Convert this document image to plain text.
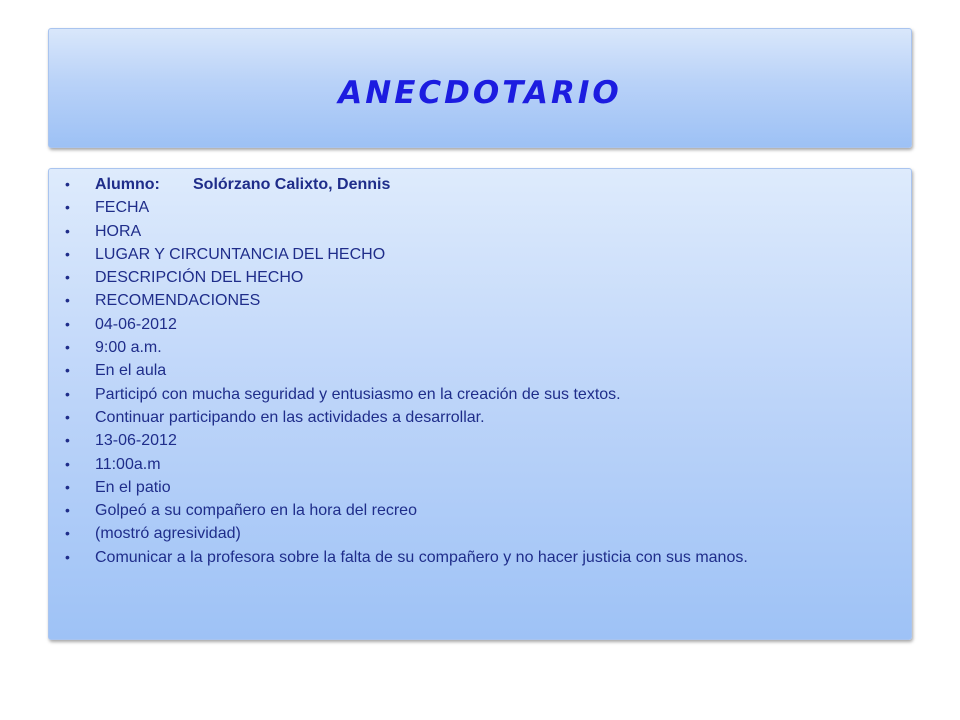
anecdotario
• Alumno: Solórzano Calixto, Dennis
• FECHA
• HORA
• LUGAR Y CIRCUNTANCIA DEL HECHO
• DESCRIPCIÓN DEL HECHO
• RECOMENDACIONES
• 04-06-2012
• 9:00 a.m.
• En el aula
• Participó con mucha seguridad y entusiasmo en la creación de sus textos.
• Continuar participando en las actividades a desarrollar.
• 13-06-2012
• 11:00a.m
• En el patio
• Golpeó a su compañero en la hora del recreo
• (mostró agresividad)
• Comunicar a la profesora sobre la falta de su compañero y no hacer justicia con sus manos.
